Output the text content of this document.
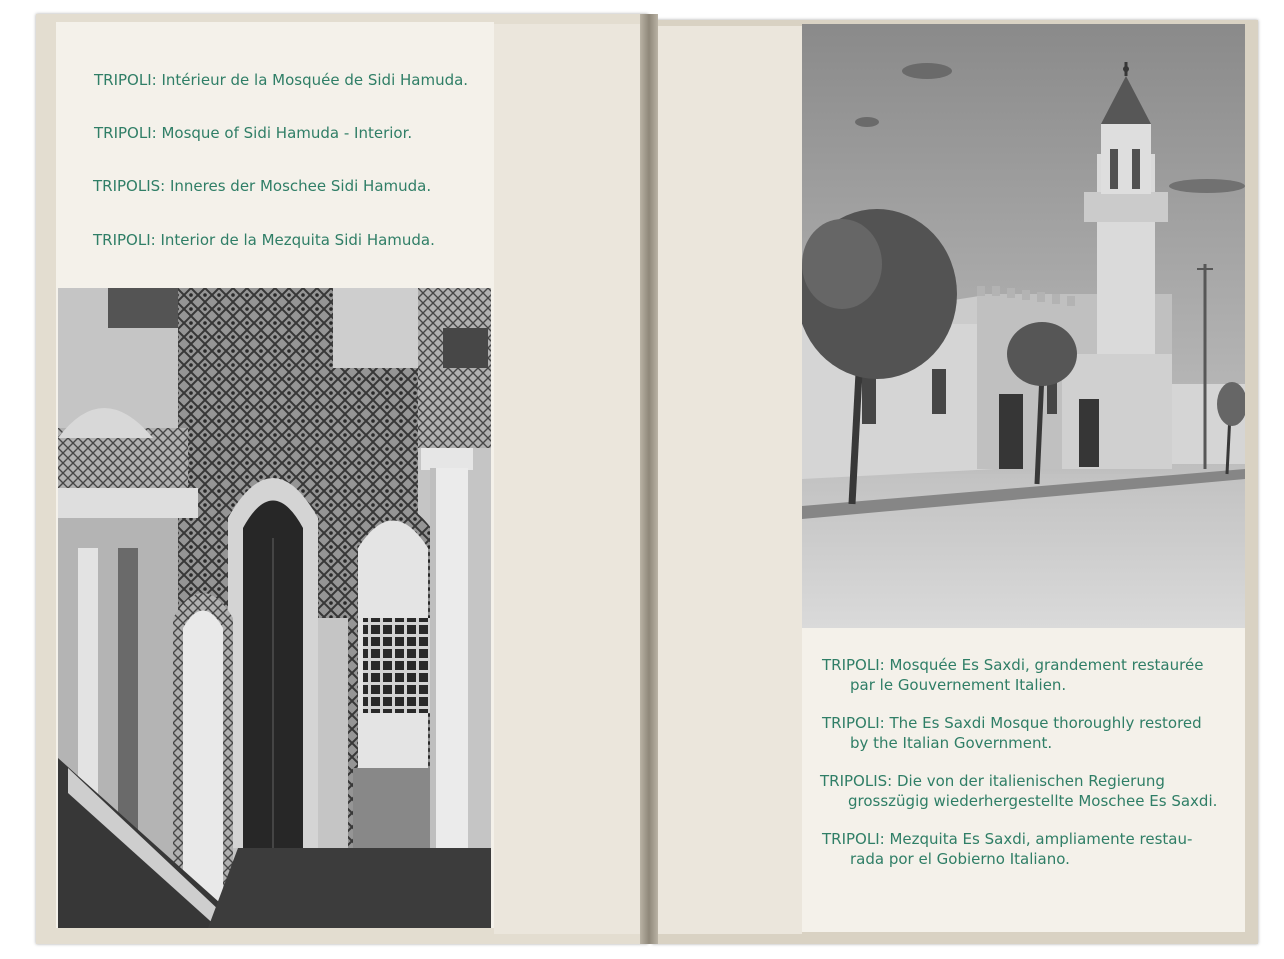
TRIPOLI: Intérieur de la Mosquée de Sidi Hamuda.
TRIPOLI: Mosque of Sidi Hamuda - Interior.
TRIPOLIS: Inneres der Moschee Sidi Hamuda.
TRIPOLI: Interior de la Mezquita Sidi Hamuda.
TRIPOLI: Mosquée Es Saxdi, grandement restaurée
par le Gouvernement Italien.
TRIPOLI: The Es Saxdi Mosque thoroughly restored
by the Italian Government.
TRIPOLIS: Die von der italienischen Regierung
grosszügig wiederhergestellte Moschee Es Saxdi.
TRIPOLI: Mezquita Es Saxdi, ampliamente restau-
rada por el Gobierno Italiano.
